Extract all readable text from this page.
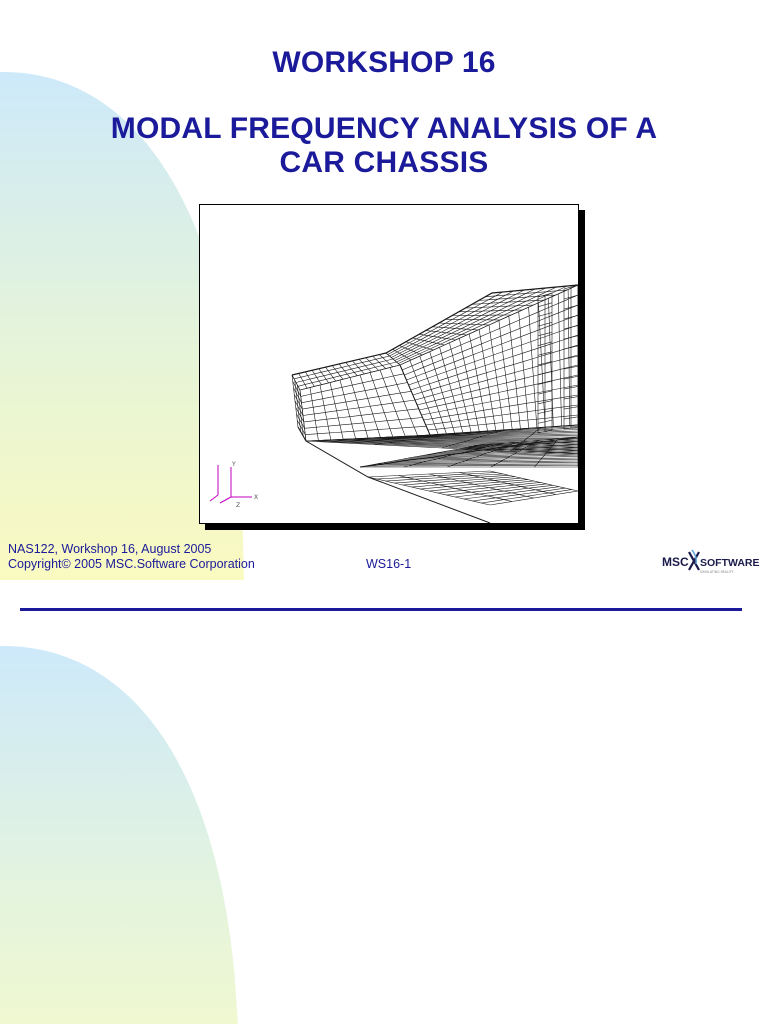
WORKSHOP 16
MODAL FREQUENCY ANALYSIS OF A
CAR CHASSIS
Y
X
Z
NAS122, Workshop 16, August 2005
Copyright© 2005 MSC.Software Corporation	WS16-1	MSC SOFTWARE
SIMULATING REALITY
